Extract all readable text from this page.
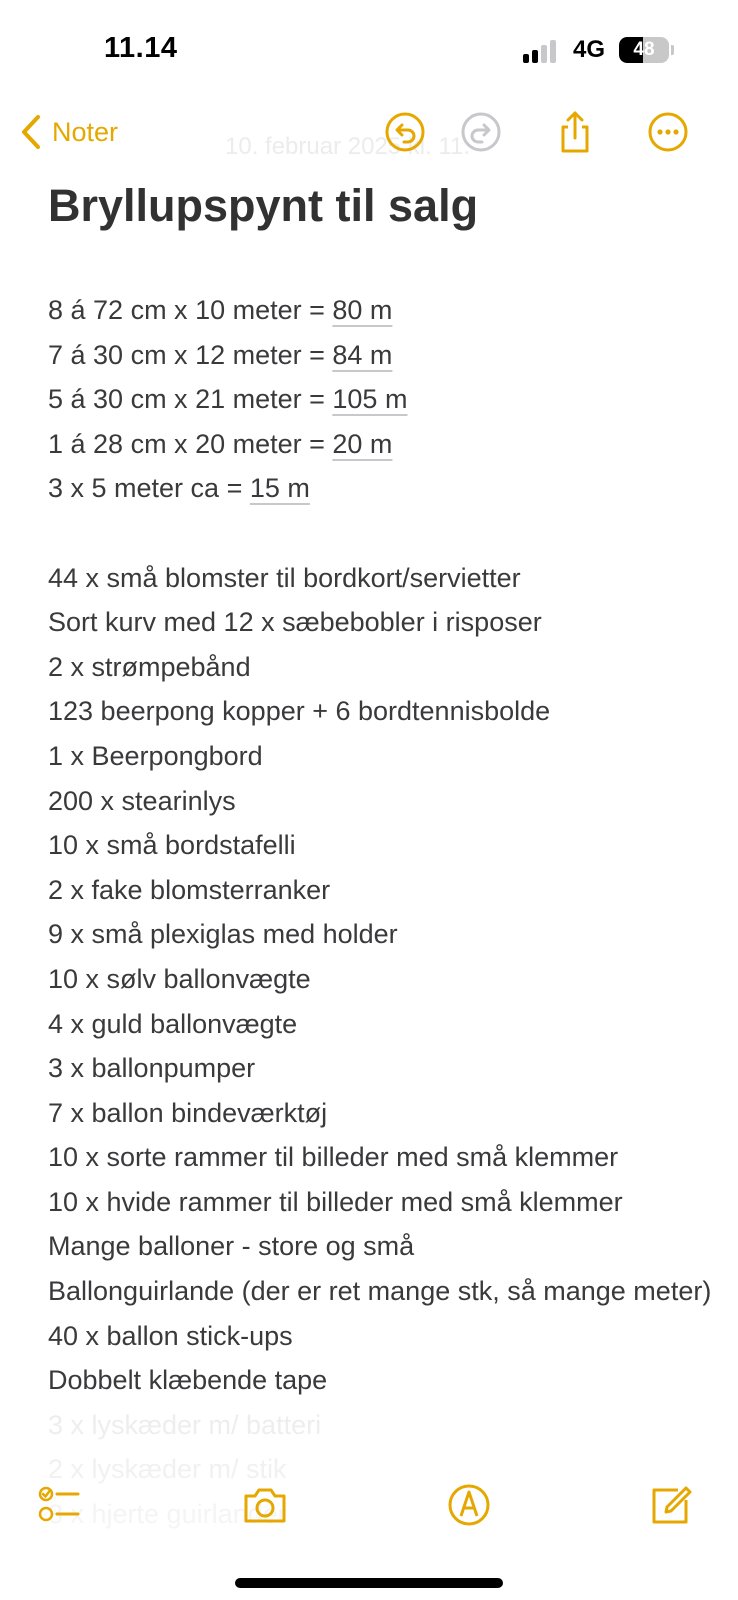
11.14	4G	48
10. februar 2025 kl. 11.
Noter
Bryllupspynt til salg
8 á 72 cm x 10 meter = 80 m
7 á 30 cm x 12 meter = 84 m
5 á 30 cm x 21 meter = 105 m
1 á 28 cm x 20 meter = 20 m
3 x 5 meter ca = 15 m
44 x små blomster til bordkort/servietter
Sort kurv med 12 x sæbebobler i risposer
2 x strømpebånd
123 beerpong kopper + 6 bordtennisbolde
1 x Beerpongbord
200 x stearinlys
10 x små bordstafelli
2 x fake blomsterranker
9 x små plexiglas med holder
10 x sølv ballonvægte
4 x guld ballonvægte
3 x ballonpumper
7 x ballon bindeværktøj
10 x sorte rammer til billeder med små klemmer
10 x hvide rammer til billeder med små klemmer
Mange balloner - store og små
Ballonguirlande (der er ret mange stk, så mange meter)
40 x ballon stick-ups
Dobbelt klæbende tape
